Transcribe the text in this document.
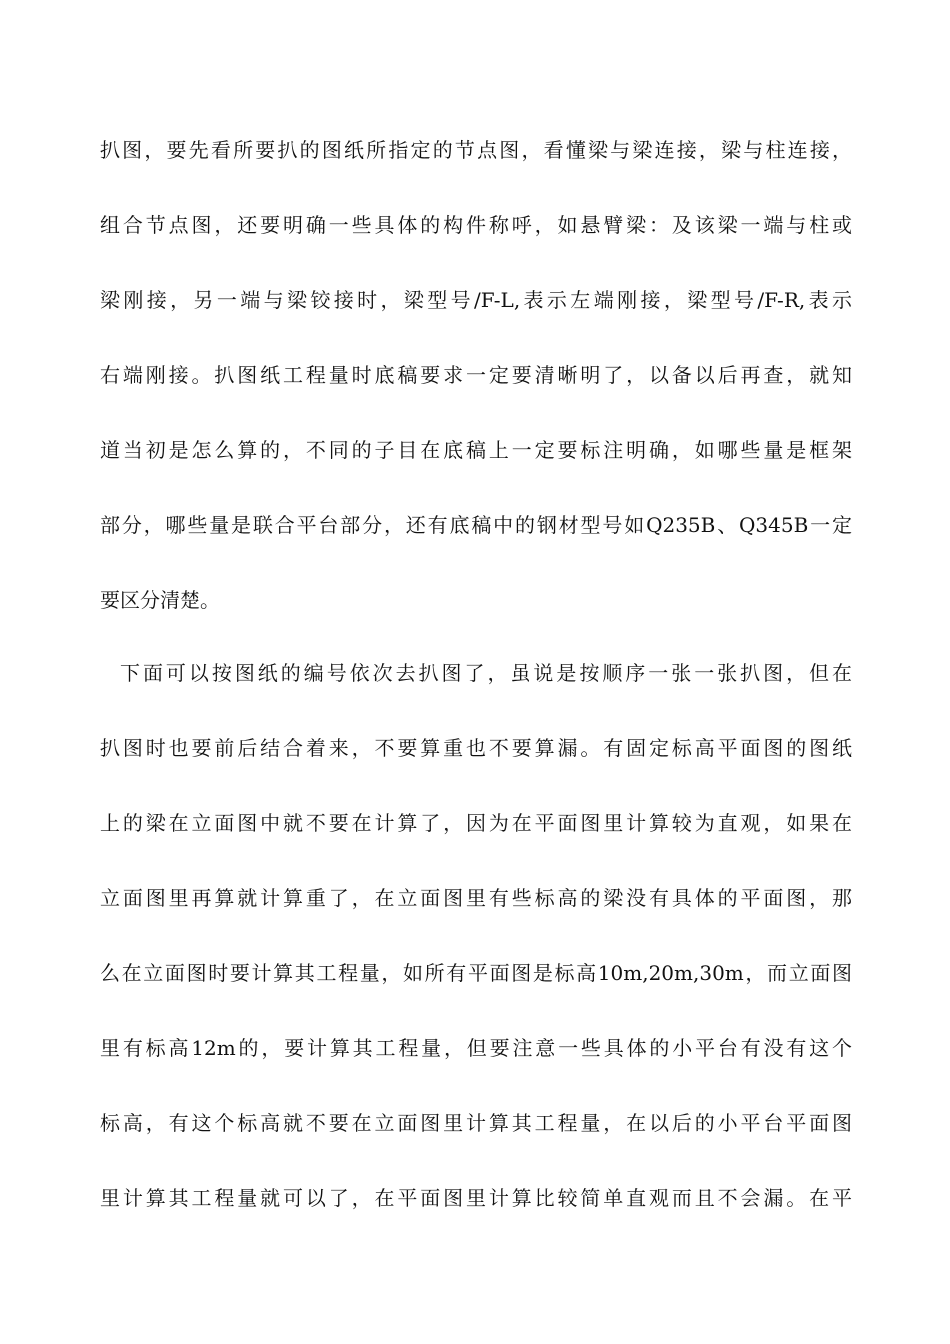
扒图，要先看所要扒的图纸所指定的节点图，看懂梁与梁连接，梁与柱连接，
组合节点图，还要明确一些具体的构件称呼，如悬臂梁：及该梁一端与柱或
梁刚接，另一端与梁铰接时，梁型号/F-L,表示左端刚接，梁型号/F-R,表示
右端刚接。扒图纸工程量时底稿要求一定要清晰明了，以备以后再查，就知
道当初是怎么算的，不同的子目在底稿上一定要标注明确，如哪些量是框架
部分，哪些量是联合平台部分，还有底稿中的钢材型号如Q235B、Q345B一定
要区分清楚。
下面可以按图纸的编号依次去扒图了，虽说是按顺序一张一张扒图，但在
扒图时也要前后结合着来，不要算重也不要算漏。有固定标高平面图的图纸
上的梁在立面图中就不要在计算了，因为在平面图里计算较为直观，如果在
立面图里再算就计算重了，在立面图里有些标高的梁没有具体的平面图，那
么在立面图时要计算其工程量，如所有平面图是标高10m,20m,30m，而立面图
里有标高12m的，要计算其工程量，但要注意一些具体的小平台有没有这个
标高，有这个标高就不要在立面图里计算其工程量，在以后的小平台平面图
里计算其工程量就可以了，在平面图里计算比较简单直观而且不会漏。在平
